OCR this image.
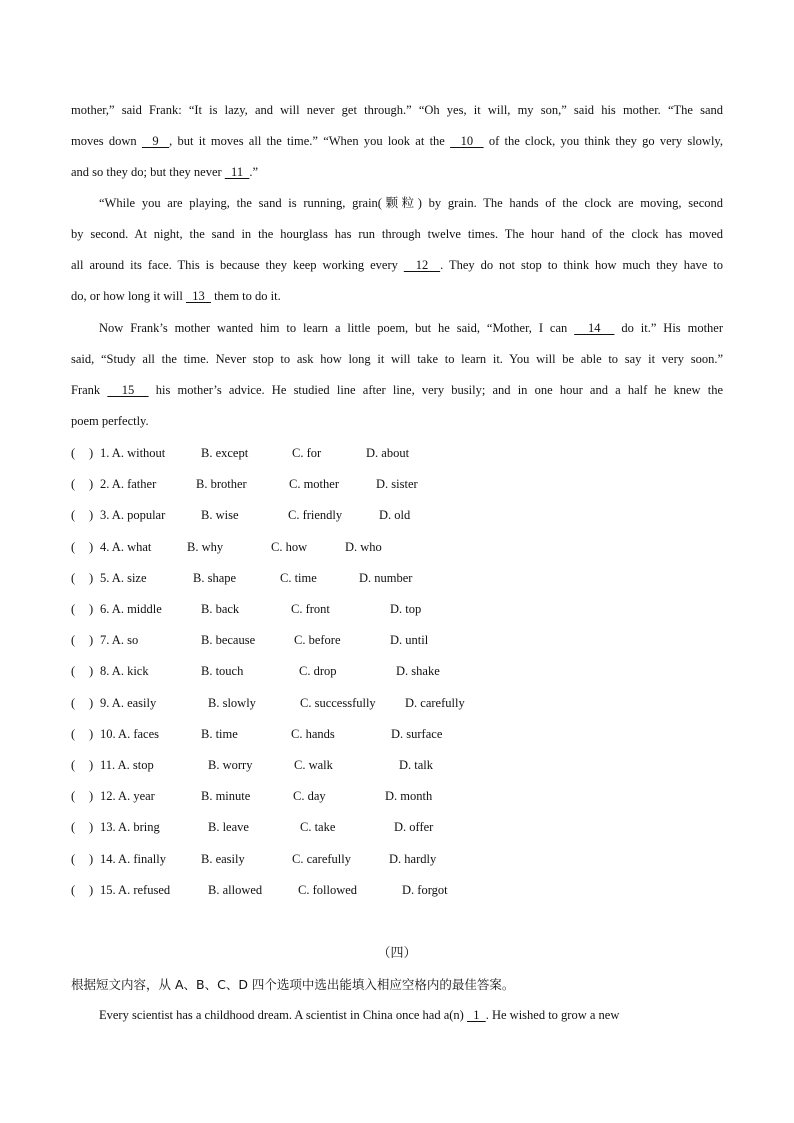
mother,” said Frank: “It is lazy, and will never get through.” “Oh yes, it will, my son,” said his mother. “The sand
moves down   9  , but it moves all the time.” “When you look at the   10   of the clock, you think they go very slowly,
and so they do; but they never   11  .”
“While you are playing, the sand is running, grain(颗粒) by grain. The hands of the clock are moving, second
by second. At night, the sand in the hourglass has run through twelve times. The hour hand of the clock has moved
all around its face. This is because they keep working every   12  . They do not stop to think how much they have to
do, or how long it will   13   them to do it.
Now Frank’s mother wanted him to learn a little poem, but he said, “Mother, I can   14   do it.” His mother
said, “Study all the time. Never stop to ask how long it will take to learn it. You will be able to say it very soon.”
Frank   15   his mother’s advice. He studied line after line, very busily; and in one hour and a half he knew the
poem perfectly.
( ) 1. A. without	B. except	C. for	D. about
( ) 2. A. father	B. brother	C. mother	D. sister
( ) 3. A. popular	B. wise	C. friendly	D. old
( ) 4. A. what	B. why	C. how	D. who
( ) 5. A. size	B. shape	C. time	D. number
( ) 6. A. middle	B. back	C. front	D. top
( ) 7. A. so	B. because	C. before	D. until
( ) 8. A. kick	B. touch	C. drop	D. shake
( ) 9. A. easily	B. slowly	C. successfully D. carefully
( ) 10. A. faces	B. time	C. hands	D. surface
( ) 11. A. stop	B. worry	C. walk	D. talk
( ) 12. A. year	B. minute	C. day	D. month
( ) 13. A. bring	B. leave	C. take	D. offer
( ) 14. A. finally	B. easily	C. carefully	D. hardly
( ) 15. A. refused	B. allowed	C. followed	D. forgot
（四）
根据短文内容，从 A、B、C、D 四个选项中选出能填入相应空格内的最佳答案。
Every scientist has a childhood dream. A scientist in China once had a(n)   1  . He wished to grow a new
